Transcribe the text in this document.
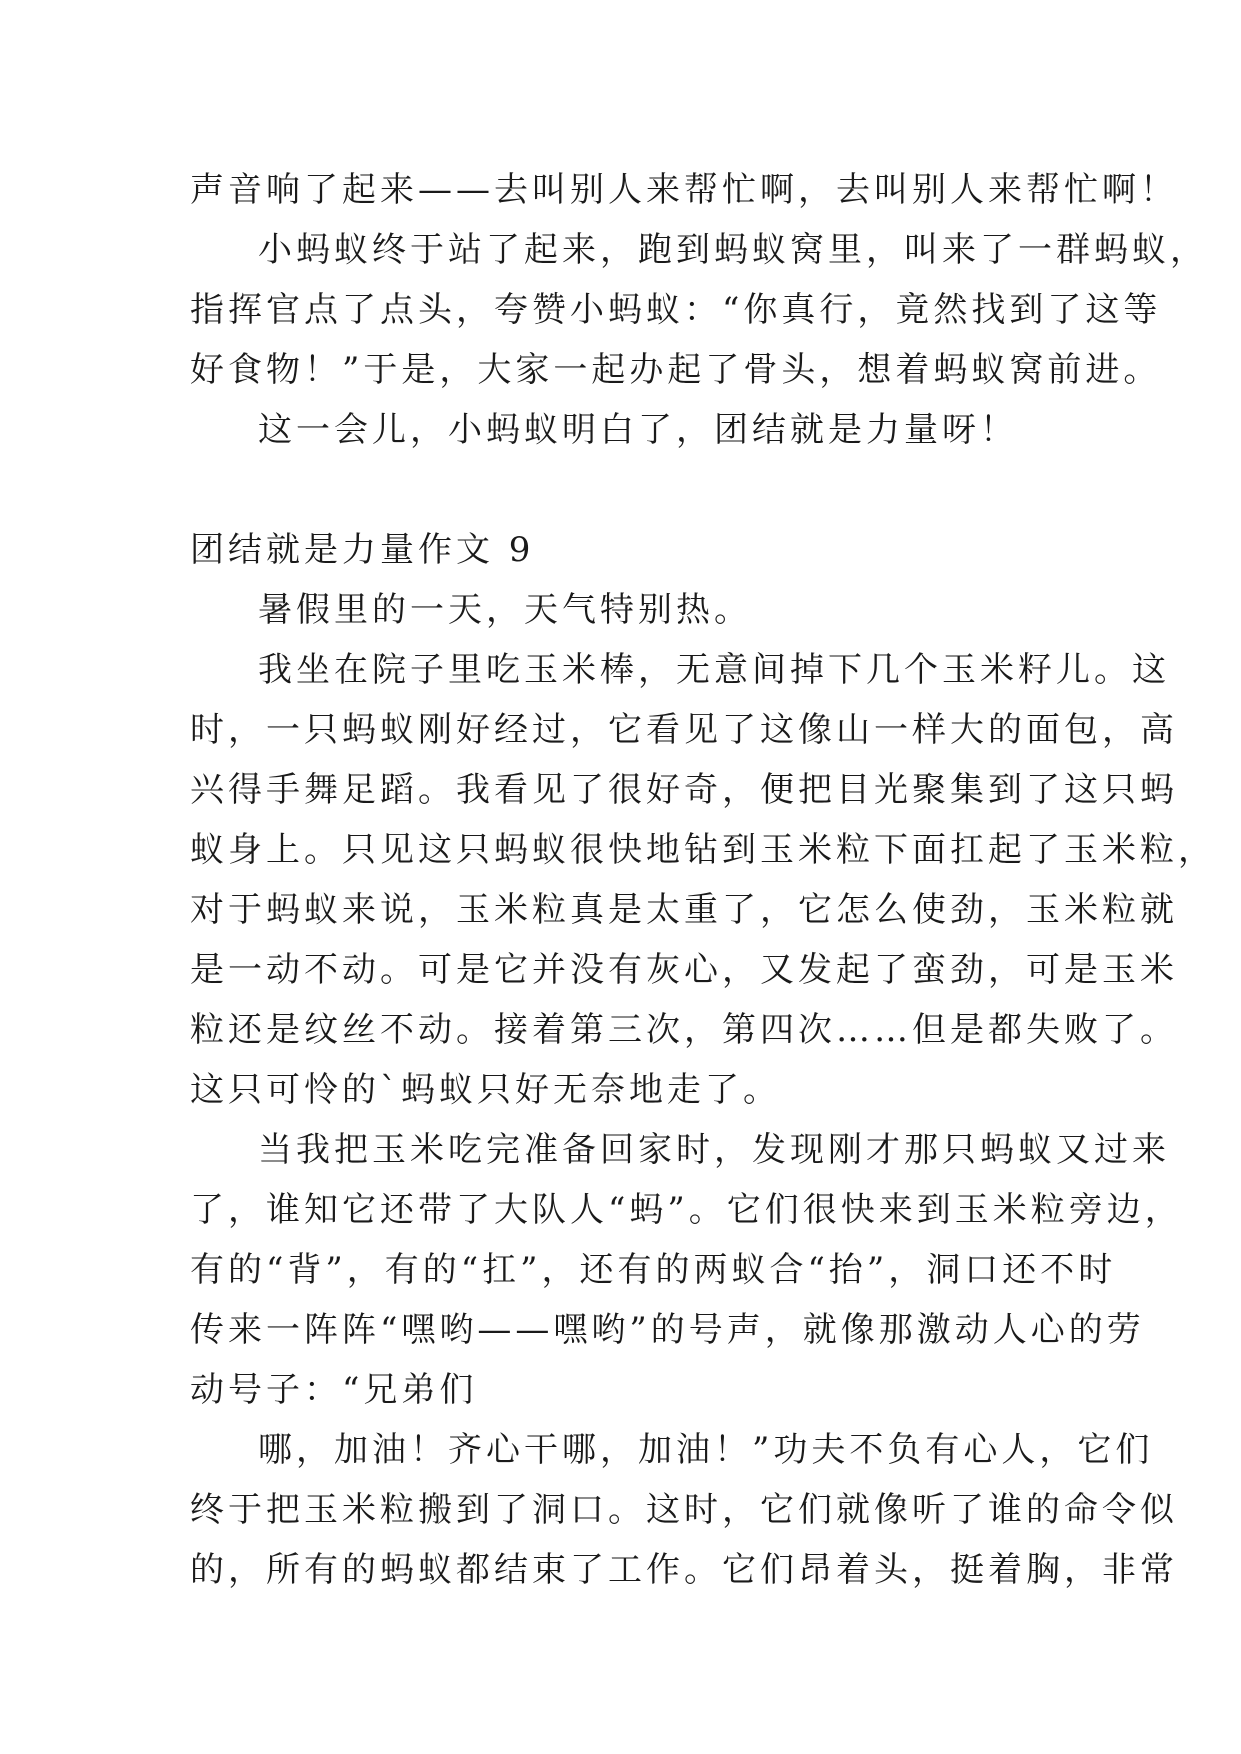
声音响了起来——去叫别人来帮忙啊，去叫别人来帮忙啊！
小蚂蚁终于站了起来，跑到蚂蚁窝里，叫来了一群蚂蚁，
指挥官点了点头，夸赞小蚂蚁：“你真行，竟然找到了这等
好食物！”于是，大家一起办起了骨头，想着蚂蚁窝前进。
这一会儿，小蚂蚁明白了，团结就是力量呀！
团结就是力量作文 9
暑假里的一天，天气特别热。
我坐在院子里吃玉米棒，无意间掉下几个玉米籽儿。这
时，一只蚂蚁刚好经过，它看见了这像山一样大的面包，高
兴得手舞足蹈。我看见了很好奇，便把目光聚集到了这只蚂
蚁身上。只见这只蚂蚁很快地钻到玉米粒下面扛起了玉米粒，
对于蚂蚁来说，玉米粒真是太重了，它怎么使劲，玉米粒就
是一动不动。可是它并没有灰心，又发起了蛮劲，可是玉米
粒还是纹丝不动。接着第三次，第四次……但是都失败了。
这只可怜的`蚂蚁只好无奈地走了。
当我把玉米吃完准备回家时，发现刚才那只蚂蚁又过来
了，谁知它还带了大队人“蚂”。它们很快来到玉米粒旁边，
有的“背”，有的“扛”，还有的两蚁合“抬”，洞口还不时
传来一阵阵“嘿哟——嘿哟”的号声，就像那激动人心的劳
动号子：“兄弟们
哪，加油！齐心干哪，加油！”功夫不负有心人，它们
终于把玉米粒搬到了洞口。这时，它们就像听了谁的命令似
的，所有的蚂蚁都结束了工作。它们昂着头，挺着胸，非常
